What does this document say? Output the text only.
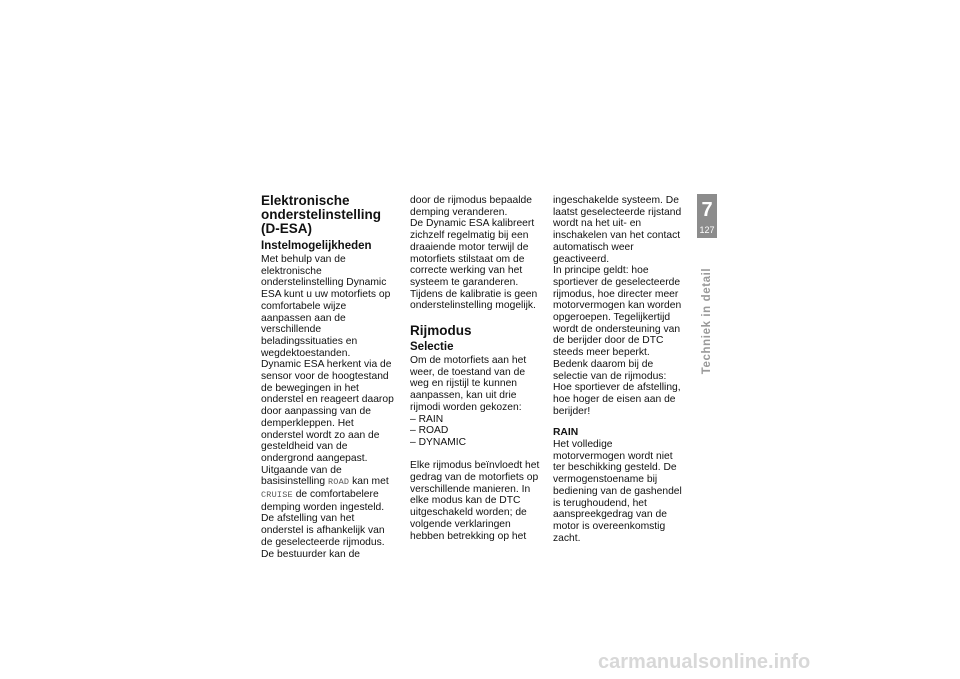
Elektronische onderstelinstelling (D-ESA)
Instelmogelijkheden

Met behulp van de elektronische onderstelinstelling Dynamic ESA kunt u uw motorfiets op comfortabele wijze aanpassen aan de verschillende beladingssituaties en wegdektoestanden.

Dynamic ESA herkent via de sensor voor de hoogtestand de bewegingen in het onderstel en reageert daarop door aanpassing van de demperkleppen. Het onderstel wordt zo aan de gesteldheid van de ondergrond aangepast.

Uitgaande van de basisinstelling ROAD kan met CRUISE de comfortabelere demping worden ingesteld.

De afstelling van het onderstel is afhankelijk van de geselecteerde rijmodus. De bestuurder kan de

door de rijmodus bepaalde demping veranderen.

De Dynamic ESA kalibreert zichzelf regelmatig bij een draaiende motor terwijl de motorfiets stilstaat om de correcte werking van het systeem te garanderen. Tijdens de kalibratie is geen onderstelinstelling mogelijk.

Rijmodus
Selectie

Om de motorfiets aan het weer, de toestand van de weg en rijstijl te kunnen aanpassen, kan uit drie rijmodi worden gekozen:

– RAIN

– ROAD

– DYNAMIC

Elke rijmodus beïnvloedt het gedrag van de motorfiets op verschillende manieren. In elke modus kan de DTC uitgeschakeld worden; de volgende verklaringen hebben betrekking op het

ingeschakelde systeem. De laatst geselecteerde rijstand wordt na het uit- en inschakelen van het contact automatisch weer geactiveerd.

In principe geldt: hoe sportiever de geselecteerde rijmodus, hoe directer meer motorvermogen kan worden opgeroepen. Tegelijkertijd wordt de ondersteuning van de berijder door de DTC steeds meer beperkt.

Bedenk daarom bij de selectie van de rijmodus: Hoe sportiever de afstelling, hoe hoger de eisen aan de berijder!

RAIN

Het volledige motorvermogen wordt niet ter beschikking gesteld. De vermogenstoename bij bediening van de gashendel is terughoudend, het aanspreekgedrag van de motor is overeenkomstig zacht.

7
127
Techniek in detail
carmanualsonline.info
